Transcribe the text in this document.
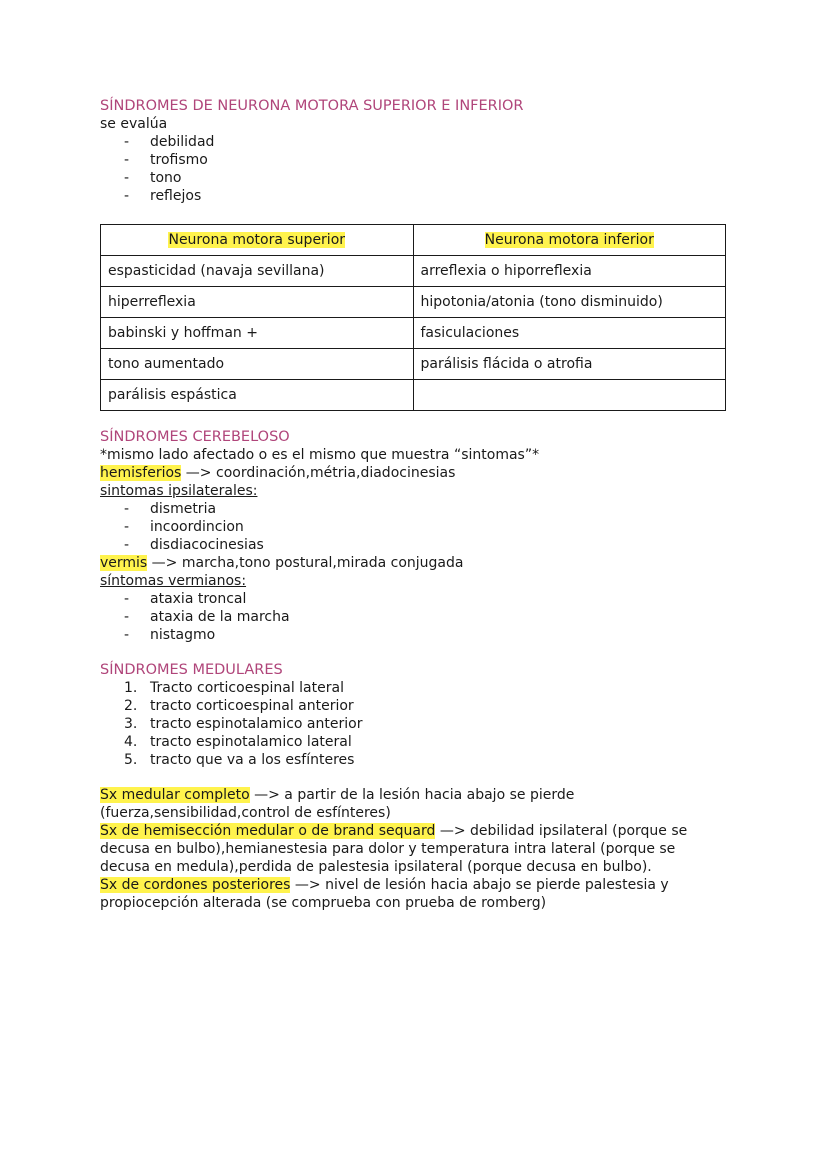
SÍNDROMES DE NEURONA MOTORA SUPERIOR E INFERIOR

se evalúa

- debilidad
- trofismo
- tono
- reflejos
Neurona motora superior	Neurona motora inferior
espasticidad (navaja sevillana)	arreflexia o hiporreflexia
hiperreflexia	hipotonia/atonia (tono disminuido)
babinski y hoffman +	fasiculaciones
tono aumentado	parálisis flácida o atrofia
parálisis espástica	

SÍNDROMES CEREBELOSO

*mismo lado afectado o es el mismo que muestra “sintomas”*

hemisferios —> coordinación,métria,diadocinesias

sintomas ipsilaterales:

- dismetria
- incoordincion
- disdiacocinesias

vermis —> marcha,tono postural,mirada conjugada

síntomas vermianos:

- ataxia troncal
- ataxia de la marcha
- nistagmo

SÍNDROMES MEDULARES

1. Tracto corticoespinal lateral
2. tracto corticoespinal anterior
3. tracto espinotalamico anterior
4. tracto espinotalamico lateral
5. tracto que va a los esfínteres

Sx medular completo —> a partir de la lesión hacia abajo se pierde

(fuerza,sensibilidad,control de esfínteres)

Sx de hemisección medular o de brand sequard —> debilidad ipsilateral (porque se

decusa en bulbo),hemianestesia para dolor y temperatura intra lateral (porque se

decusa en medula),perdida de palestesia ipsilateral (porque decusa en bulbo).

Sx de cordones posteriores —> nivel de lesión hacia abajo se pierde palestesia y

propiocepción alterada (se comprueba con prueba de romberg)
